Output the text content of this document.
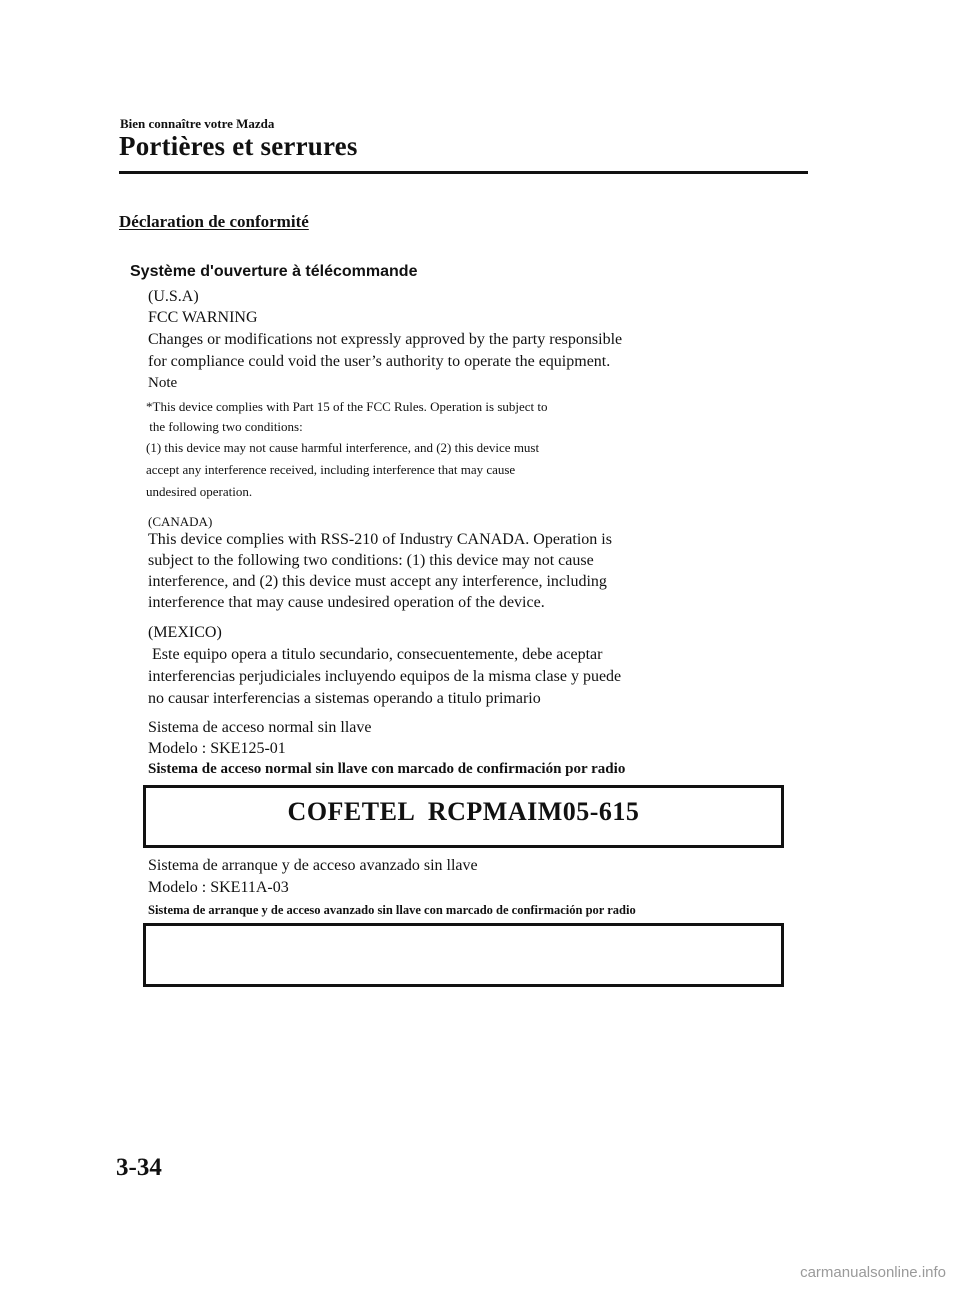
Bien connaître votre Mazda
Portières et serrures
Déclaration de conformité
Système d'ouverture à télécommande
(U.S.A)
FCC WARNING
Changes or modifications not expressly approved by the party responsible
for compliance could void the user’s authority to operate the equipment.
Note
*This device complies with Part 15 of the FCC Rules. Operation is subject to
the following two conditions:
(1) this device may not cause harmful interference, and (2) this device must
accept any interference received, including interference that may cause
undesired operation.
(CANADA)
This device complies with RSS-210 of Industry CANADA. Operation is
subject to the following two conditions: (1) this device may not cause
interference, and (2) this device must accept any interference, including
interference that may cause undesired operation of the device.
(MEXICO)
Este equipo opera a titulo secundario, consecuentemente, debe aceptar
interferencias perjudiciales incluyendo equipos de la misma clase y puede
no causar interferencias a sistemas operando a titulo primario
Sistema de acceso normal sin llave
Modelo : SKE125-01
Sistema de acceso normal sin llave con marcado de confirmación por radio
COFETEL  RCPMAIM05-615
Sistema de arranque y de acceso avanzado sin llave
Modelo : SKE11A-03
Sistema de arranque y de acceso avanzado sin llave con marcado de confirmación por radio
3-34
carmanualsonline.info
